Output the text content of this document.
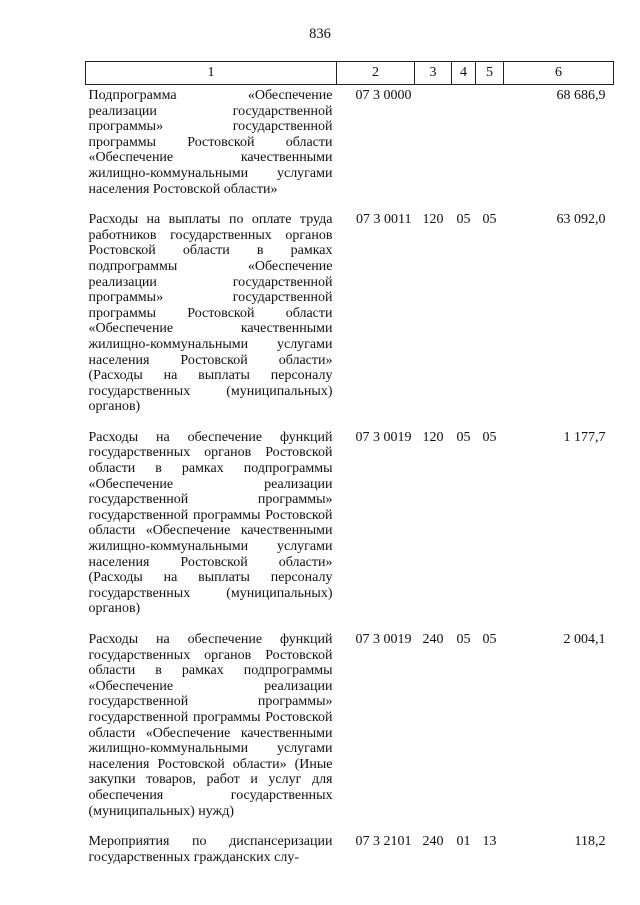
836
1	2	3	4	5	6
Подпрограмма «Обеспечение реализации государственной программы» государственной программы Ростовской области «Обеспечение качественными жилищно-коммунальными услугами населения Ростовской области»	07 3 0000				68 686,9
Расходы на выплаты по оплате труда работников государственных органов Ростовской области в рамках подпрограммы «Обеспечение реализации государственной программы» государственной программы Ростовской области «Обеспечение качественными жилищно-коммунальными услугами населения Ростовской области» (Расходы на выплаты персоналу государственных (муниципальных) органов)	07 3 0011	120	05	05	63 092,0
Расходы на обеспечение функций государственных органов Ростовской области в рамках подпрограммы «Обеспечение реализации государственной программы» государственной программы Ростовской области «Обеспечение качественными жилищно-коммунальными услугами населения Ростовской области» (Расходы на выплаты персоналу государственных (муниципальных) органов)	07 3 0019	120	05	05	1 177,7
Расходы на обеспечение функций государственных органов Ростовской области в рамках подпрограммы «Обеспечение реализации государственной программы» государственной программы Ростовской области «Обеспечение качественными жилищно-коммунальными услугами населения Ростовской области» (Иные закупки товаров, работ и услуг для обеспечения государственных (муниципальных) нужд)	07 3 0019	240	05	05	2 004,1
Мероприятия по диспансеризации государственных гражданских слу-	07 3 2101	240	01	13	118,2
